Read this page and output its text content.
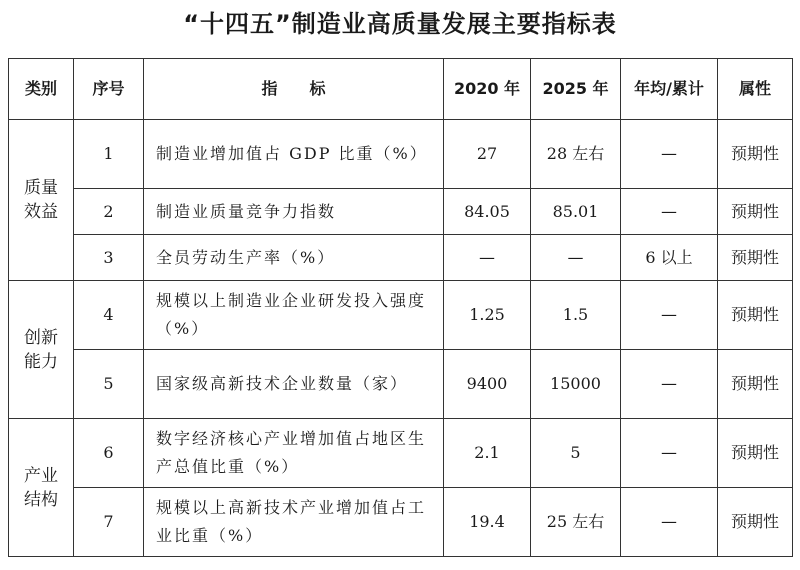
“十四五”制造业高质量发展主要指标表
类别	序号	指　　标	2020 年	2025 年	年均/累计	属性

质量
效益	1	制造业增加值占 GDP 比重（%）	27	28 左右	—	预期性
	2	制造业质量竞争力指数	84.05	85.01	—	预期性
	3	全员劳动生产率（%）	—	—	6 以上	预期性

创新
能力	4	规模以上制造业企业研发投入强度（%）	1.25	1.5	—	预期性
	5	国家级高新技术企业数量（家）	9400	15000	—	预期性

产业
结构	6	数字经济核心产业增加值占地区生产总值比重（%）	2.1	5	—	预期性
	7	规模以上高新技术产业增加值占工业比重（%）	19.4	25 左右	—	预期性
